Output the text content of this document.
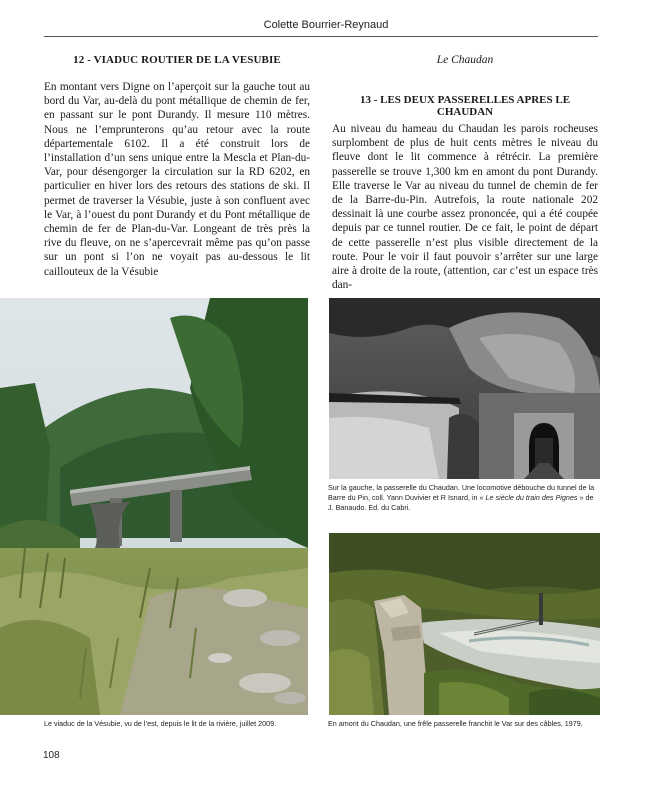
Colette Bourrier-Reynaud
12 - VIADUC ROUTIER DE LA VESUBIE	Le Chaudan
13 - LES DEUX PASSERELLES APRES LE CHAUDAN

En montant vers Digne on l’aperçoit sur la gauche tout au bord du Var, au-delà du pont métallique de chemin de fer, en passant sur le pont Durandy. Il mesure 110 mètres. Nous ne l’emprunterons qu’au retour avec la route départementale 6102. Il a été construit lors de l’installation d’un sens unique entre la Mescla et Plan-du-Var, pour désengorger la circulation sur la RD 6202, en particulier en hiver lors des retours des stations de ski. Il permet de traverser la Vésubie, juste à son confluent avec le Var, à l’ouest du pont Durandy et du Pont métallique de chemin de fer de Plan-du-Var. Longeant de très près la rive du fleuve, on ne s’apercevrait même pas qu’on passe sur un pont si l’on ne voyait pas au-dessous le lit caillouteux de la Vésubie

Au niveau du hameau du Chaudan les parois rocheuses surplombent de plus de huit cents mètres le niveau du fleuve dont le lit commence à rétrécir. La première passerelle se trouve 1,300 km en amont du pont Durandy. Elle traverse le Var au niveau du tunnel de chemin de fer de la Barre-du-Pin. Autrefois, la route nationale 202 dessinait là une courbe assez prononcée, qui a été coupée depuis par ce tunnel routier. De ce fait, le point de départ de cette passerelle n’est plus visible directement de la route. Pour le voir il faut pouvoir s’arrêter sur une large aire à droite de la route, (attention, car c’est un espace très dan-

Le viaduc de la Vésubie, vu de l’est, depuis le lit de la rivière, juillet 2009.
Sur la gauche, la passerelle du Chaudan. Une locomotive débouche du tunnel de la Barre du Pin, coll. Yann Duvivier et R Isnard, in « Le siècle du train des Pignes » de J. Banaudo. Ed. du Cabri.
En amont du Chaudan, une frêle passerelle franchit le Var sur des câbles, 1979.
108
